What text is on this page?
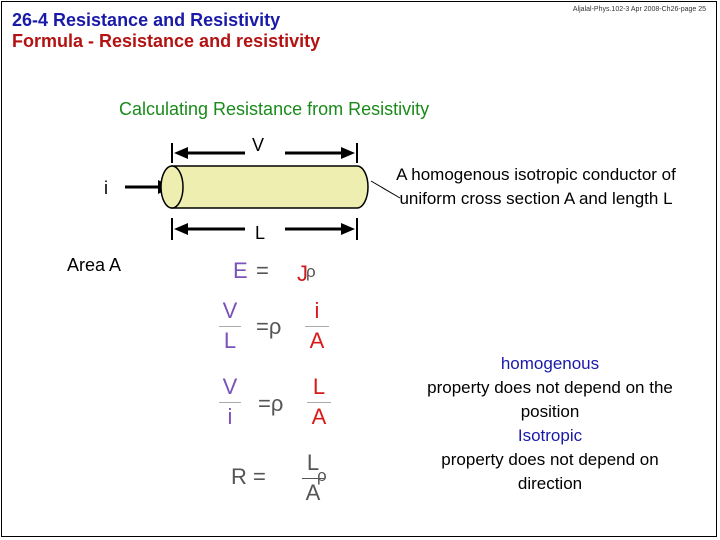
26-4 Resistance and Resistivity
Formula - Resistance and resistivity
Aljalal-Phys.102-3 Apr 2008-Ch26-page 25
Calculating Resistance from Resistivity
V
i
L
Area A
A homogenous isotropic conductor of uniform cross section A and length L
E = J
ρ
V
L
=ρ
i
A
V
i
=ρ
L
A
R =
L
A
ρ
homogenous
property does not depend on the position
Isotropic
property does not depend on direction
